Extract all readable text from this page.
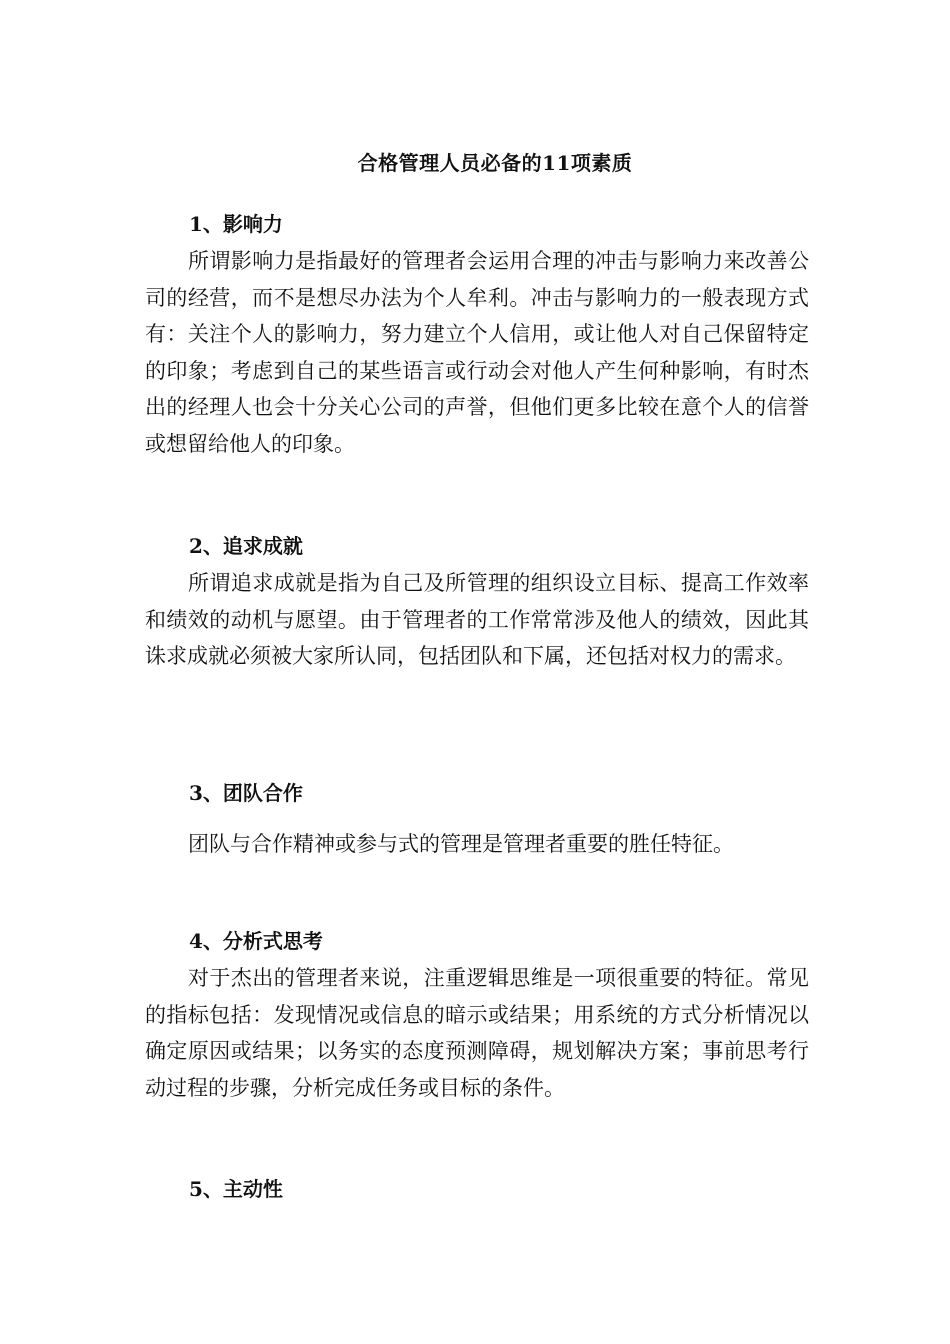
合格管理人员必备的11项素质
1、影响力

所谓影响力是指最好的管理者会运用合理的冲击与影响力来改善公司的经营，而不是想尽办法为个人牟利。冲击与影响力的一般表现方式有：关注个人的影响力，努力建立个人信用，或让他人对自己保留特定的印象；考虑到自己的某些语言或行动会对他人产生何种影响，有时杰出的经理人也会十分关心公司的声誉，但他们更多比较在意个人的信誉或想留给他人的印象。

2、追求成就

所谓追求成就是指为自己及所管理的组织设立目标、提高工作效率和绩效的动机与愿望。由于管理者的工作常常涉及他人的绩效，因此其诛求成就必须被大家所认同，包括团队和下属，还包括对权力的需求。

3、团队合作

团队与合作精神或参与式的管理是管理者重要的胜任特征。

4、分析式思考

对于杰出的管理者来说，注重逻辑思维是一项很重要的特征。常见的指标包括：发现情况或信息的暗示或结果；用系统的方式分析情况以确定原因或结果；以务实的态度预测障碍，规划解决方案；事前思考行动过程的步骤，分析完成任务或目标的条件。

5、主动性
